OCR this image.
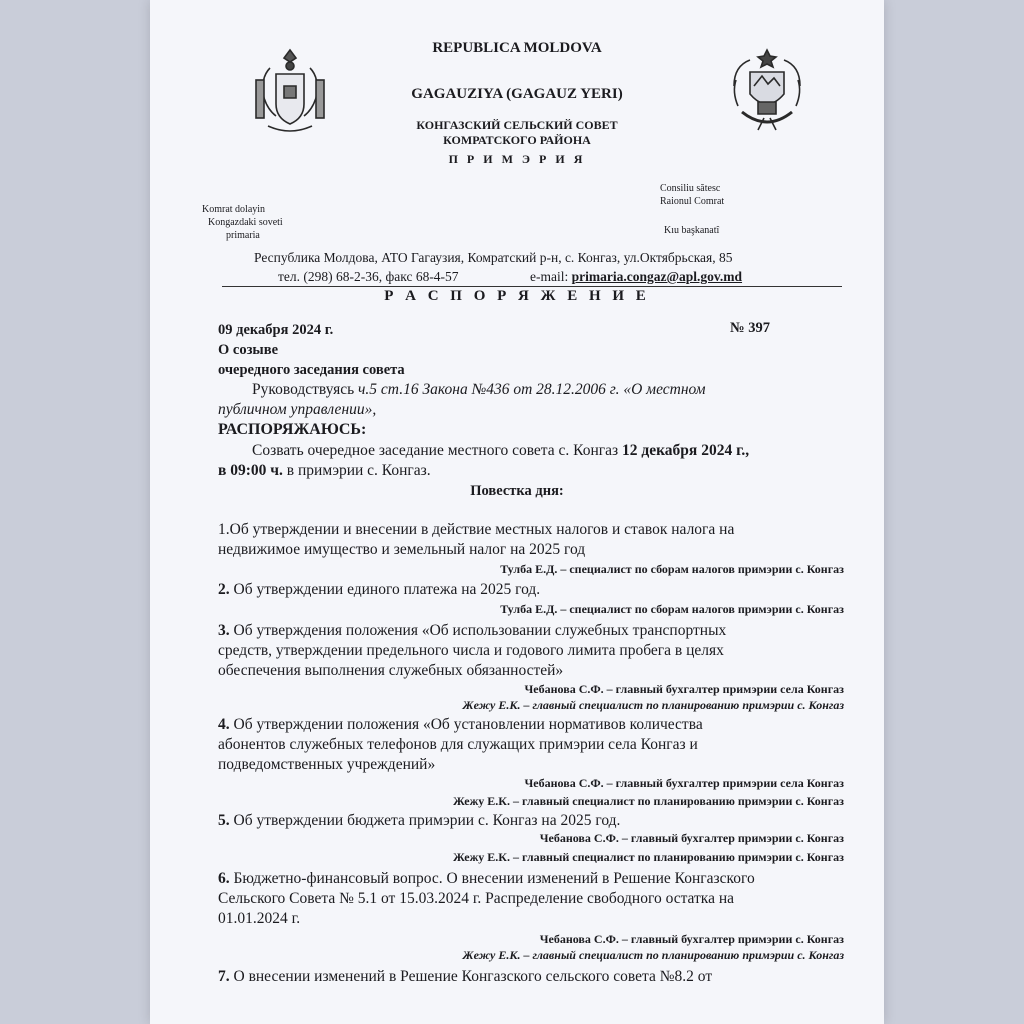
REPUBLICA MOLDOVA
GAGAUZIYA (GAGAUZ YERI)
КОНГАЗСКИЙ СЕЛЬСКИЙ СОВЕТ
КОМРАТСКОГО РАЙОНА
П Р И М Э Р И Я
Komrat dolayin
Kongazdaki soveti
primaria
Consiliu sătesc
Raionul Comrat
Kıu başkanatî
Республика Молдова, АТО Гагаузия, Комратский р-н, с. Конгаз, ул.Октябрьская, 85
тел. (298) 68-2-36, факс 68-4-57	e-mail: primaria.congaz@apl.gov.md
Р А С П О Р Я Ж Е Н И Е
09 декабря 2024 г.	№ 397
О созыве
очередного заседания совета
Руководствуясь ч.5 ст.16 Закона №436 от 28.12.2006 г. «О местном
публичном управлении»,
РАСПОРЯЖАЮСЬ:
Созвать очередное заседание местного совета с. Конгаз 12 декабря 2024 г.,
в 09:00 ч. в примэрии с. Конгаз.
Повестка дня:
1.Об утверждении и внесении в действие местных налогов и ставок налога на
недвижимое имущество и земельный налог на 2025 год
Тулба Е.Д. – специалист по сборам налогов примэрии с. Конгаз
2. Об утверждении единого платежа на 2025 год.
Тулба Е.Д. – специалист по сборам налогов примэрии с. Конгаз
3. Об утверждения положения «Об использовании служебных транспортных
средств, утверждении предельного числа и годового лимита пробега в целях
обеспечения выполнения служебных обязанностей»
Чебанова С.Ф. – главный бухгалтер примэрии села Конгаз
Жежу Е.К. – главный специалист по планированию примэрии с. Конгаз
4. Об утверждении положения «Об установлении нормативов количества
абонентов служебных телефонов для служащих примэрии села Конгаз и
подведомственных учреждений»
Чебанова С.Ф. – главный бухгалтер примэрии села Конгаз
Жежу Е.К. – главный специалист по планированию примэрии с. Конгаз
5. Об утверждении бюджета примэрии с. Конгаз на 2025 год.
Чебанова С.Ф. – главный бухгалтер примэрии с. Конгаз
Жежу Е.К. – главный специалист по планированию примэрии с. Конгаз
6. Бюджетно-финансовый вопрос. О внесении изменений в Решение Конгазского
Сельского Совета № 5.1 от 15.03.2024 г. Распределение свободного остатка на
01.01.2024 г.
Чебанова С.Ф. – главный бухгалтер примэрии с. Конгаз
Жежу Е.К. – главный специалист по планированию примэрии с. Конгаз
7. О внесении изменений в Решение Конгазского сельского совета №8.2 от
